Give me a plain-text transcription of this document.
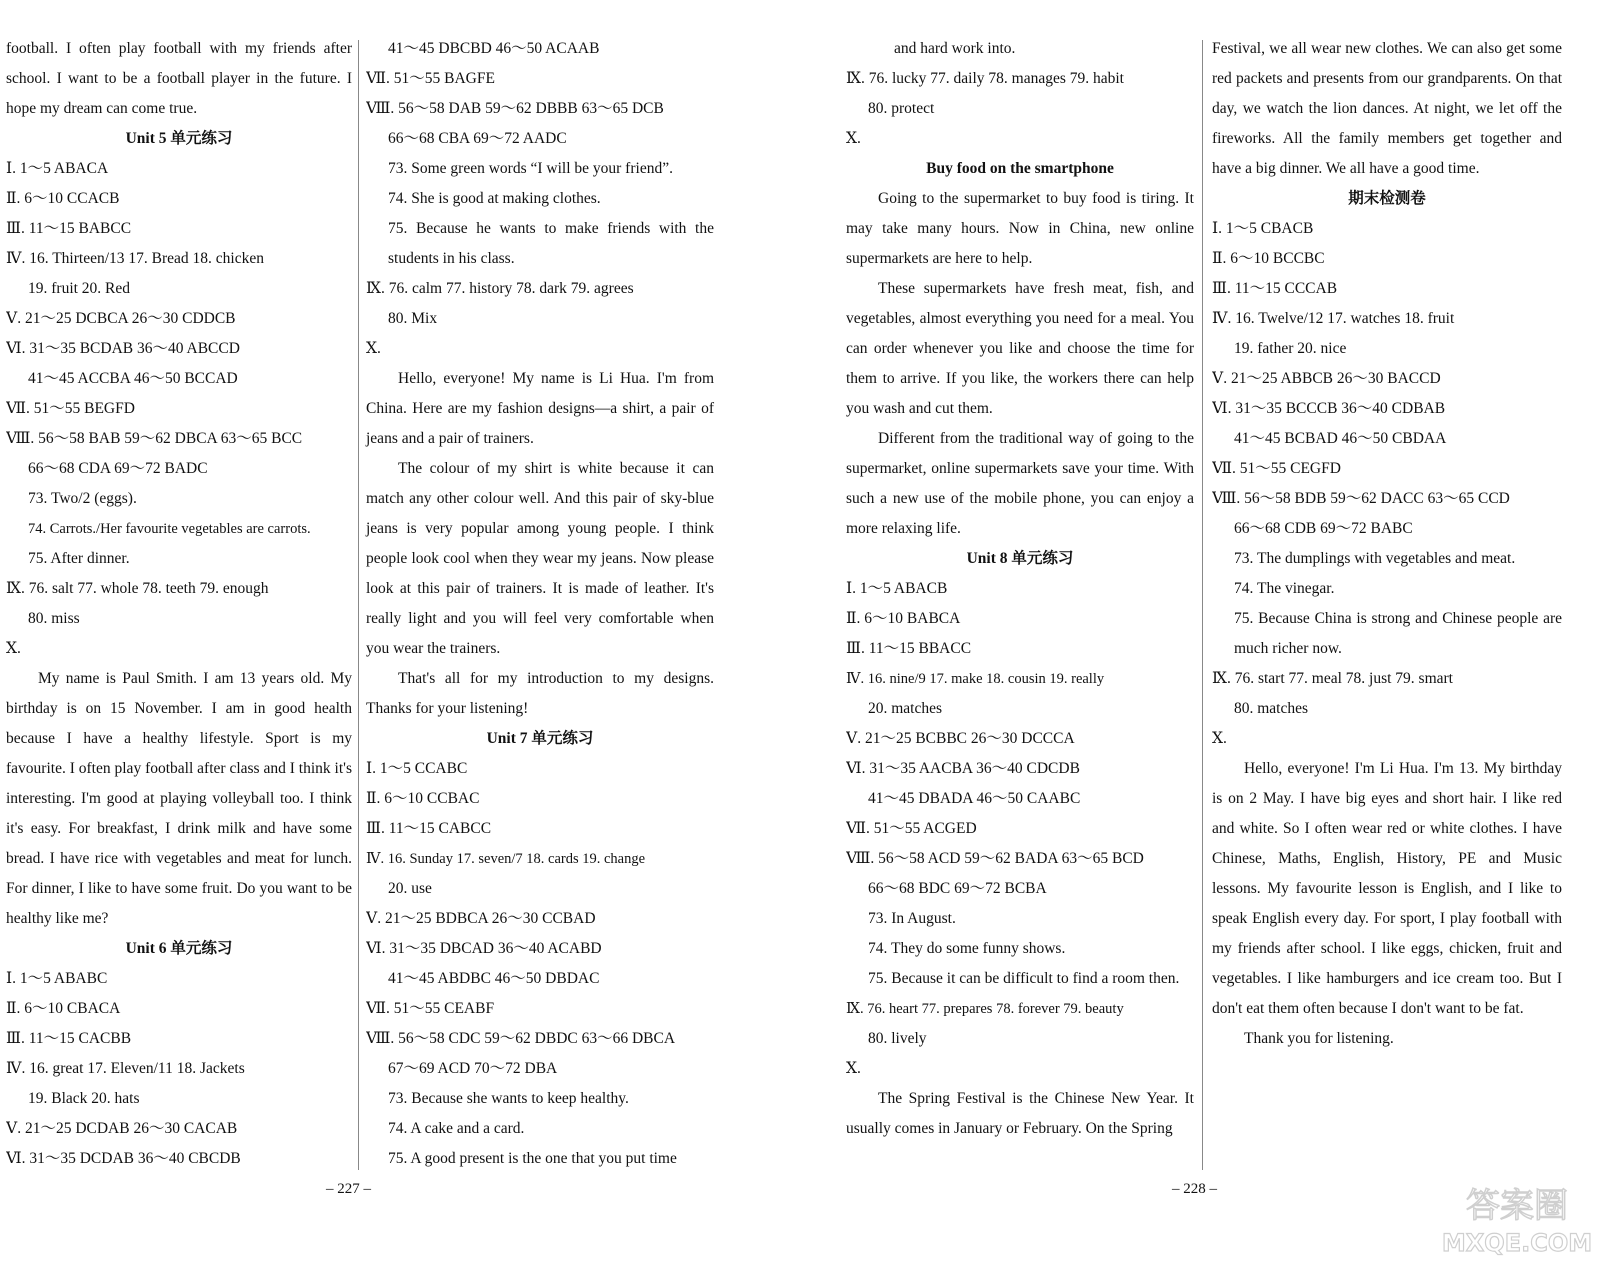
football. I often play football with my friends after school. I want to be a football player in the future. I hope my dream can come true.
Unit 5 单元练习
Ⅰ. 1～5 ABACA
Ⅱ. 6～10 CCACB
Ⅲ. 11～15 BABCC
Ⅳ. 16. Thirteen/13 17. Bread 18. chicken
19. fruit 20. Red
Ⅴ. 21～25 DCBCA 26～30 CDDCB
Ⅵ. 31～35 BCDAB 36～40 ABCCD
41～45 ACCBA 46～50 BCCAD
Ⅶ. 51～55 BEGFD
Ⅷ. 56～58 BAB 59～62 DBCA 63～65 BCC
66～68 CDA 69～72 BADC
73. Two/2 (eggs).
74. Carrots./Her favourite vegetables are carrots.
75. After dinner.
Ⅸ. 76. salt 77. whole 78. teeth 79. enough
80. miss
Ⅹ.
My name is Paul Smith. I am 13 years old. My birthday is on 15 November. I am in good health because I have a healthy lifestyle. Sport is my favourite. I often play football after class and I think it's interesting. I'm good at playing volleyball too. I think it's easy. For breakfast, I drink milk and have some bread. I have rice with vegetables and meat for lunch. For dinner, I like to have some fruit. Do you want to be healthy like me?
Unit 6 单元练习
Ⅰ. 1～5 ABABC
Ⅱ. 6～10 CBACA
Ⅲ. 11～15 CACBB
Ⅳ. 16. great 17. Eleven/11 18. Jackets
19. Black 20. hats
Ⅴ. 21～25 DCDAB 26～30 CACAB
Ⅵ. 31～35 DCDAB 36～40 CBCDB
41～45 DBCBD 46～50 ACAAB
Ⅶ. 51～55 BAGFE
Ⅷ. 56～58 DAB 59～62 DBBB 63～65 DCB
66～68 CBA 69～72 AADC
73. Some green words “I will be your friend”.
74. She is good at making clothes.
75. Because he wants to make friends with the students in his class.
Ⅸ. 76. calm 77. history 78. dark 79. agrees
80. Mix
Ⅹ.
Hello, everyone! My name is Li Hua. I'm from China. Here are my fashion designs—a shirt, a pair of jeans and a pair of trainers.
The colour of my shirt is white because it can match any other colour well. And this pair of sky-blue jeans is very popular among young people. I think people look cool when they wear my jeans. Now please look at this pair of trainers. It is made of leather. It's really light and you will feel very comfortable when you wear the trainers.
That's all for my introduction to my designs. Thanks for your listening!
Unit 7 单元练习
Ⅰ. 1～5 CCABC
Ⅱ. 6～10 CCBAC
Ⅲ. 11～15 CABCC
Ⅳ. 16. Sunday 17. seven/7 18. cards 19. change
20. use
Ⅴ. 21～25 BDBCA 26～30 CCBAD
Ⅵ. 31～35 DBCAD 36～40 ACABD
41～45 ABDBC 46～50 DBDAC
Ⅶ. 51～55 CEABF
Ⅷ. 56～58 CDC 59～62 DBDC 63～66 DBCA
67～69 ACD 70～72 DBA
73. Because she wants to keep healthy.
74. A cake and a card.
75. A good present is the one that you put time
– 227 –
and hard work into.
Ⅸ. 76. lucky 77. daily 78. manages 79. habit
80. protect
Ⅹ.
Buy food on the smartphone
Going to the supermarket to buy food is tiring. It may take many hours. Now in China, new online supermarkets are here to help.
These supermarkets have fresh meat, fish, and vegetables, almost everything you need for a meal. You can order whenever you like and choose the time for them to arrive. If you like, the workers there can help you wash and cut them.
Different from the traditional way of going to the supermarket, online supermarkets save your time. With such a new use of the mobile phone, you can enjoy a more relaxing life.
Unit 8 单元练习
Ⅰ. 1～5 ABACB
Ⅱ. 6～10 BABCA
Ⅲ. 11～15 BBACC
Ⅳ. 16. nine/9 17. make 18. cousin 19. really
20. matches
Ⅴ. 21～25 BCBBC 26～30 DCCCA
Ⅵ. 31～35 AACBA 36～40 CDCDB
41～45 DBADA 46～50 CAABC
Ⅶ. 51～55 ACGED
Ⅷ. 56～58 ACD 59～62 BADA 63～65 BCD
66～68 BDC 69～72 BCBA
73. In August.
74. They do some funny shows.
75. Because it can be difficult to find a room then.
Ⅸ. 76. heart 77. prepares 78. forever 79. beauty
80. lively
Ⅹ.
The Spring Festival is the Chinese New Year. It usually comes in January or February. On the Spring
Festival, we all wear new clothes. We can also get some red packets and presents from our grandparents. On that day, we watch the lion dances. At night, we let off the fireworks. All the family members get together and have a big dinner. We all have a good time.
期末检测卷
Ⅰ. 1～5 CBACB
Ⅱ. 6～10 BCCBC
Ⅲ. 11～15 CCCAB
Ⅳ. 16. Twelve/12 17. watches 18. fruit
19. father 20. nice
Ⅴ. 21～25 ABBCB 26～30 BACCD
Ⅵ. 31～35 BCCCB 36～40 CDBAB
41～45 BCBAD 46～50 CBDAA
Ⅶ. 51～55 CEGFD
Ⅷ. 56～58 BDB 59～62 DACC 63～65 CCD
66～68 CDB 69～72 BABC
73. The dumplings with vegetables and meat.
74. The vinegar.
75. Because China is strong and Chinese people are much richer now.
Ⅸ. 76. start 77. meal 78. just 79. smart
80. matches
Ⅹ.
Hello, everyone! I'm Li Hua. I'm 13. My birthday is on 2 May. I have big eyes and short hair. I like red and white. So I often wear red or white clothes. I have Chinese, Maths, English, History, PE and Music lessons. My favourite lesson is English, and I like to speak English every day. For sport, I play football with my friends after school. I like eggs, chicken, fruit and vegetables. I like hamburgers and ice cream too. But I don't eat them often because I don't want to be fat.
Thank you for listening.
– 228 –	答案圈
MXQE.COM
